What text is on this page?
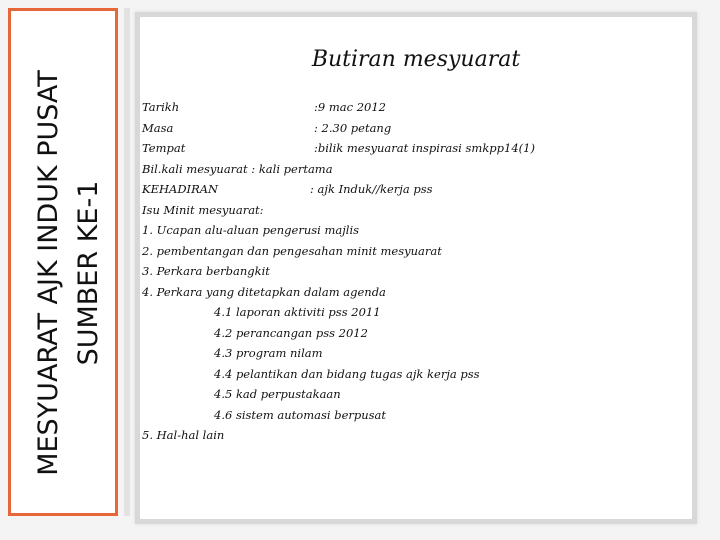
MESYUARAT AJK INDUK PUSAT SUMBER KE-1
Butiran mesyuarat
Tarikh	:9 mac 2012
Masa	: 2.30 petang
Tempat	:bilik mesyuarat inspirasi smkpp14(1)
Bil.kali mesyuarat : kali pertama
KEHADIRAN	: ajk Induk//kerja pss
Isu Minit mesyuarat:
1. Ucapan alu-aluan pengerusi majlis
2. pembentangan dan pengesahan minit mesyuarat
3. Perkara berbangkit
4. Perkara yang ditetapkan dalam agenda
4.1 laporan aktiviti pss 2011
4.2 perancangan pss 2012
4.3 program nilam
4.4 pelantikan dan bidang tugas ajk kerja pss
4.5 kad perpustakaan
4.6 sistem automasi berpusat
5. Hal-hal lain
